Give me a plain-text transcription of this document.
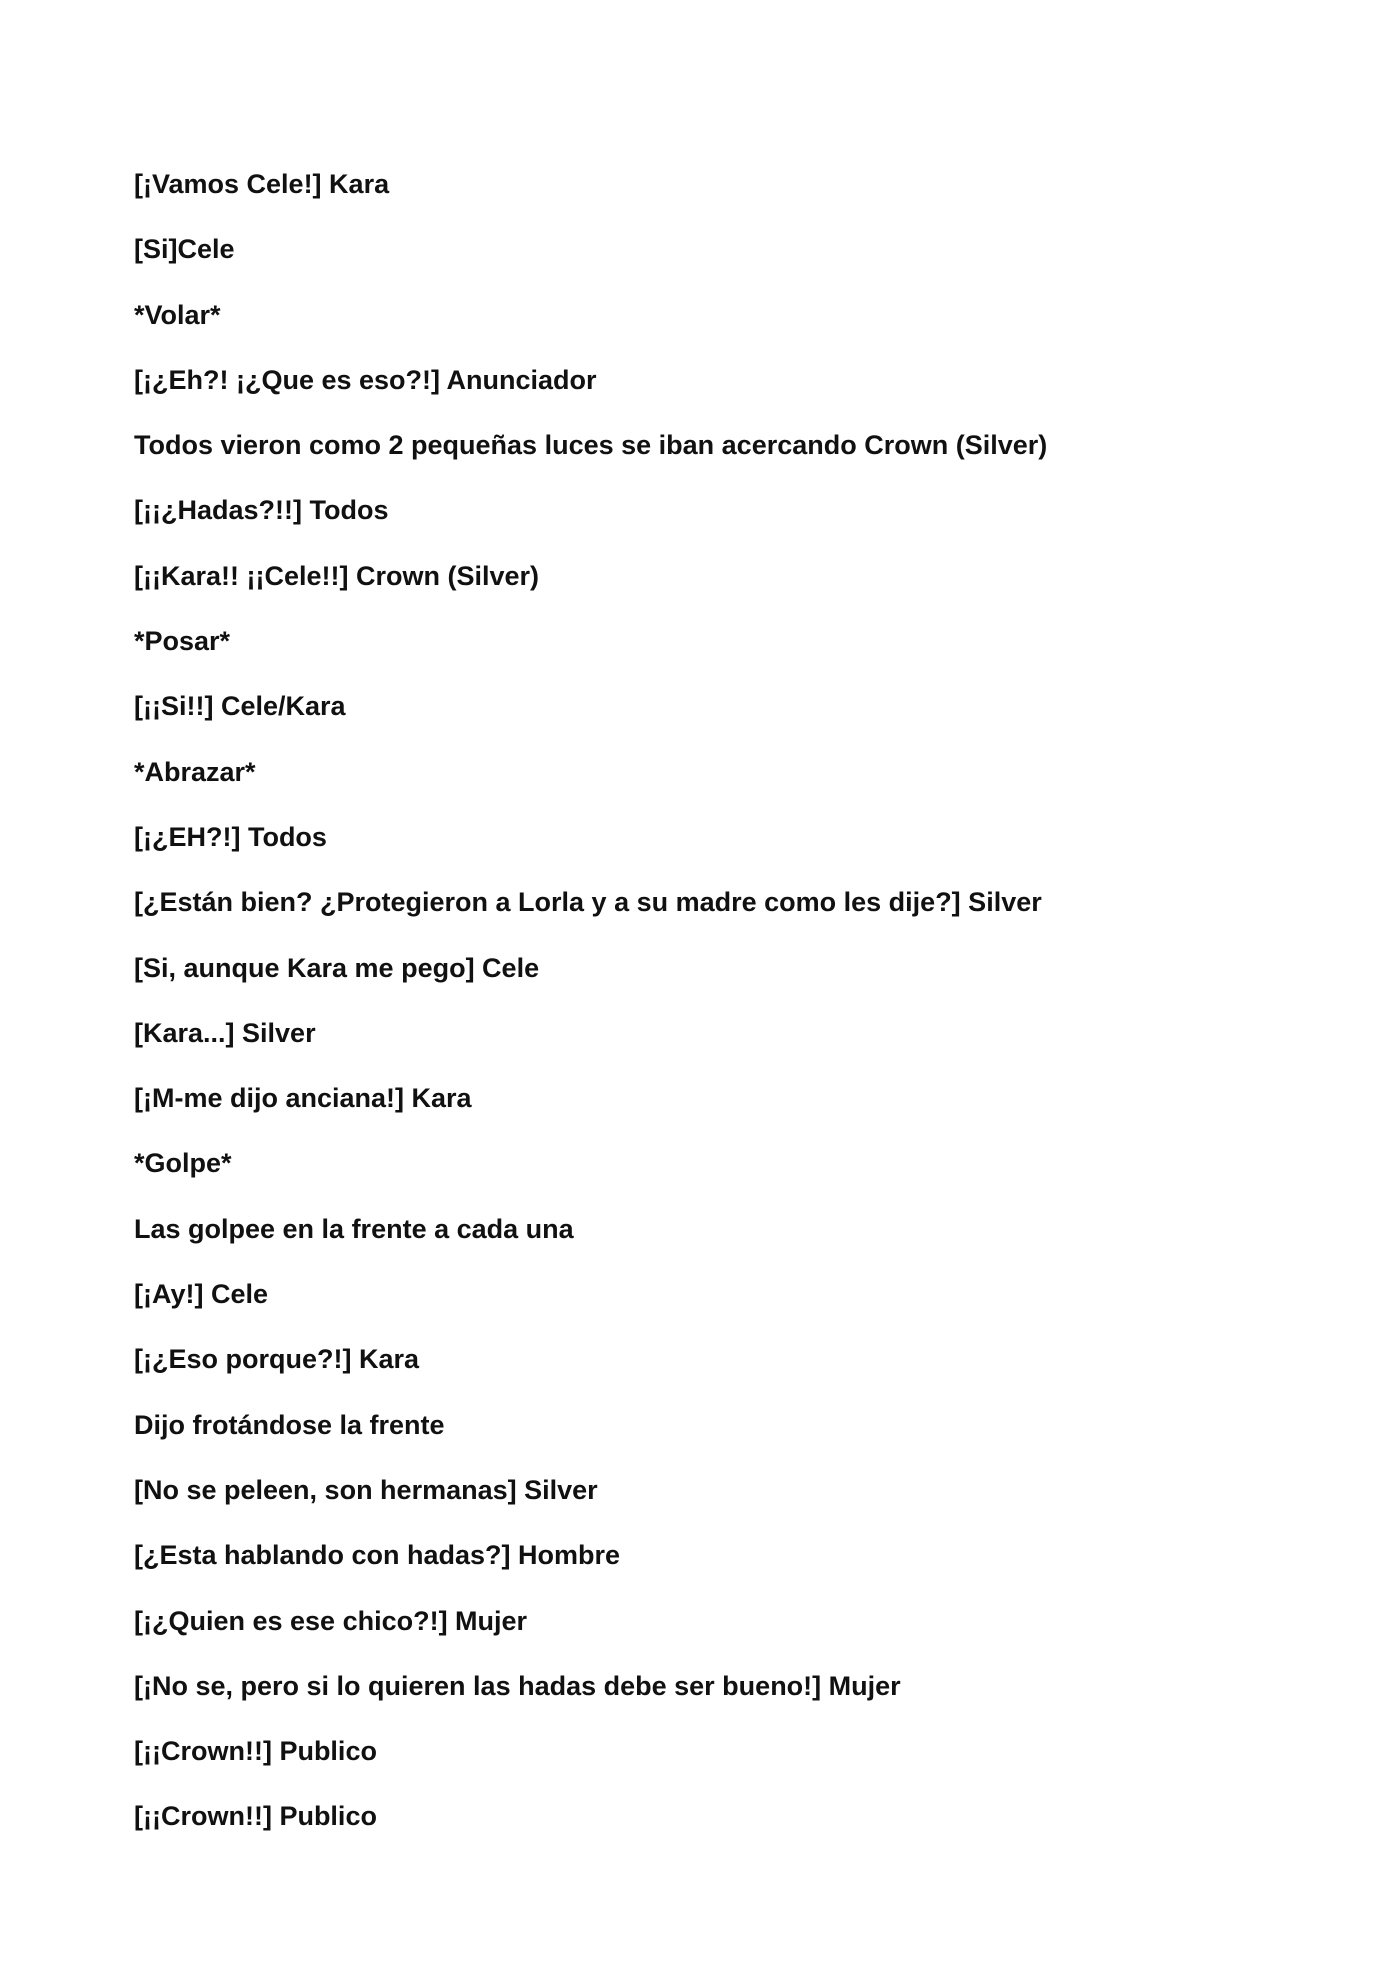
[¡Vamos Cele!] Kara
[Si]Cele
*Volar*
[¡¿Eh?! ¡¿Que es eso?!] Anunciador
Todos vieron como 2 pequeñas luces se iban acercando Crown (Silver)
[¡¡¿Hadas?!!] Todos
[¡¡Kara!! ¡¡Cele!!] Crown (Silver)
*Posar*
[¡¡Si!!] Cele/Kara
*Abrazar*
[¡¿EH?!] Todos
[¿Están bien? ¿Protegieron a Lorla y a su madre como les dije?] Silver
[Si, aunque Kara me pego] Cele
[Kara...] Silver
[¡M-me dijo anciana!] Kara
*Golpe*
Las golpee en la frente a cada una
[¡Ay!] Cele
[¡¿Eso porque?!] Kara
Dijo frotándose la frente
[No se peleen, son hermanas] Silver
[¿Esta hablando con hadas?] Hombre
[¡¿Quien es ese chico?!] Mujer
[¡No se, pero si lo quieren las hadas debe ser bueno!] Mujer
[¡¡Crown!!] Publico
[¡¡Crown!!] Publico
